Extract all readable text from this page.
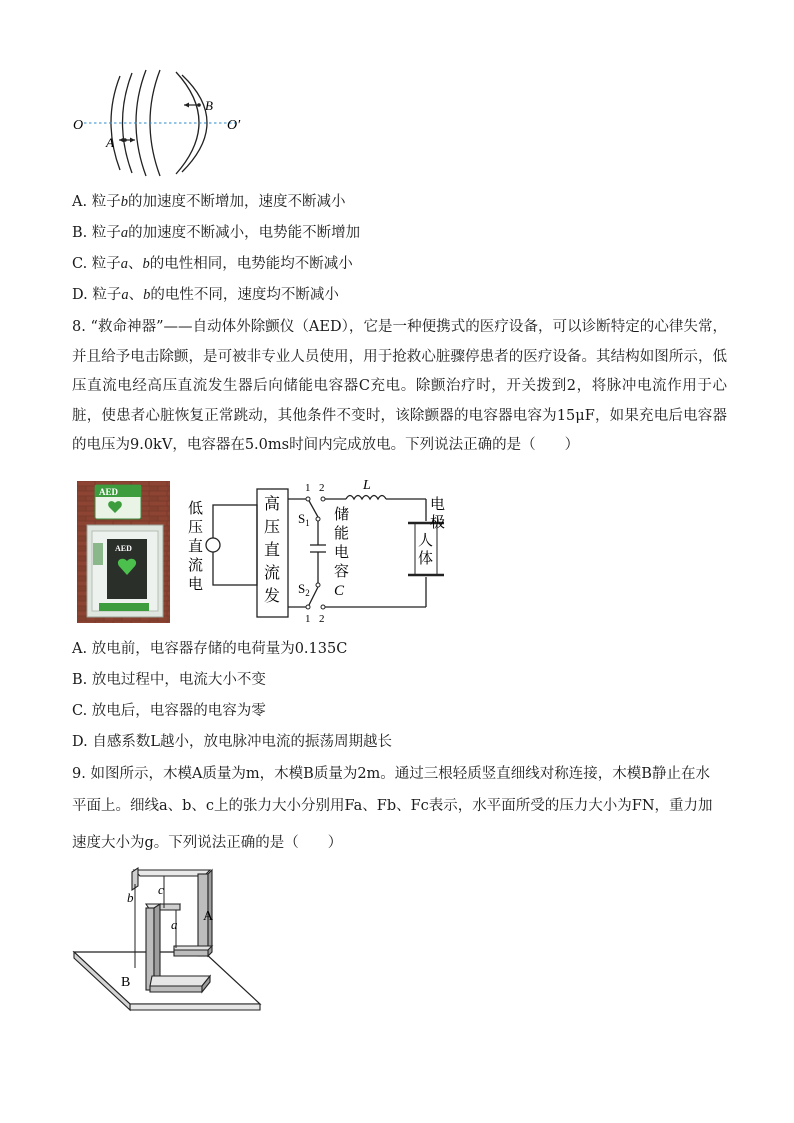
O	O′
A
B
A. 粒子b的加速度不断增加，速度不断减小
B. 粒子a的加速度不断减小，电势能不断增加
C. 粒子a、b的电性相同，电势能均不断减小
D. 粒子a、b的电性不同，速度均不断减小
8. “救命神器”——自动体外除颤仪（AED），它是一种便携式的医疗设备，可以诊断特定的心律失常，并且给予电击除颤，是可被非专业人员使用，用于抢救心脏骤停患者的医疗设备。其结构如图所示，低压直流电经高压直流发生器后向储能电容器C充电。除颤治疗时，开关拨到2，将脉冲电流作用于心脏，使患者心脏恢复正常跳动，其他条件不变时，该除颤器的电容器电容为15μF，如果充电后电容器的电压为9.0kV，电容器在5.0ms时间内完成放电。下列说法正确的是（　　）
AED
AED
低压直流电
高压直流发
储能电容 C
L
电 极
人体
$S_1$
$S_2$
1 2
1 2
A. 放电前，电容器存储的电荷量为0.135C
B. 放电过程中，电流大小不变
C. 放电后，电容器的电容为零
D. 自感系数L越小，放电脉冲电流的振荡周期越长
9. 如图所示，木模A质量为m，木模B质量为2m。通过三根轻质竖直细线对称连接，木模B静止在水
平面上。细线a、b、c上的张力大小分别用Fa、Fb、Fc表示，水平面所受的压力大小为FN，重力加
速度大小为g。下列说法正确的是（　　）
A
B
a
b
c
